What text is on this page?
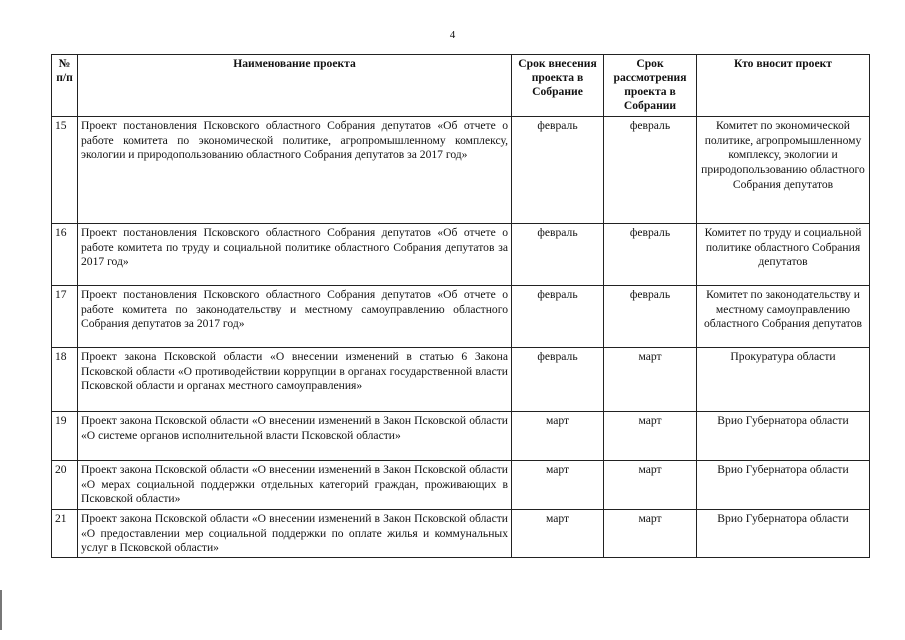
4
№ п/п	Наименование проекта	Срок внесения проекта в Собрание	Срок рассмотрения проекта в Собрании	Кто вносит проект
15	Проект постановления Псковского областного Собрания депутатов «Об отчете о работе комитета по экономической политике, агропромышленному комплексу, экологии и природопользованию областного Собрания депутатов за 2017 год»	февраль	февраль	Комитет по экономической политике, агропромышленному комплексу, экологии и природопользованию областного Собрания депутатов
16	Проект постановления Псковского областного Собрания депутатов «Об отчете о работе комитета по труду и социальной политике областного Собрания депутатов за 2017 год»	февраль	февраль	Комитет по труду и социальной политике областного Собрания депутатов
17	Проект постановления Псковского областного Собрания депутатов «Об отчете о работе комитета по законодательству и местному самоуправлению областного Собрания депутатов за 2017 год»	февраль	февраль	Комитет по законодательству и местному самоуправлению областного Собрания депутатов
18	Проект закона Псковской области «О внесении изменений в статью 6 Закона Псковской области «О противодействии коррупции в органах государственной власти Псковской области и органах местного самоуправления»	февраль	март	Прокуратура области
19	Проект закона Псковской области «О внесении изменений в Закон Псковской области «О системе органов исполнительной власти Псковской области»	март	март	Врио Губернатора области
20	Проект закона Псковской области «О внесении изменений в Закон Псковской области «О мерах социальной поддержки отдельных категорий граждан, проживающих в Псковской области»	март	март	Врио Губернатора области
21	Проект закона Псковской области «О внесении изменений в Закон Псковской области «О предоставлении мер социальной поддержки по оплате жилья и коммунальных услуг в Псковской области»	март	март	Врио Губернатора области
